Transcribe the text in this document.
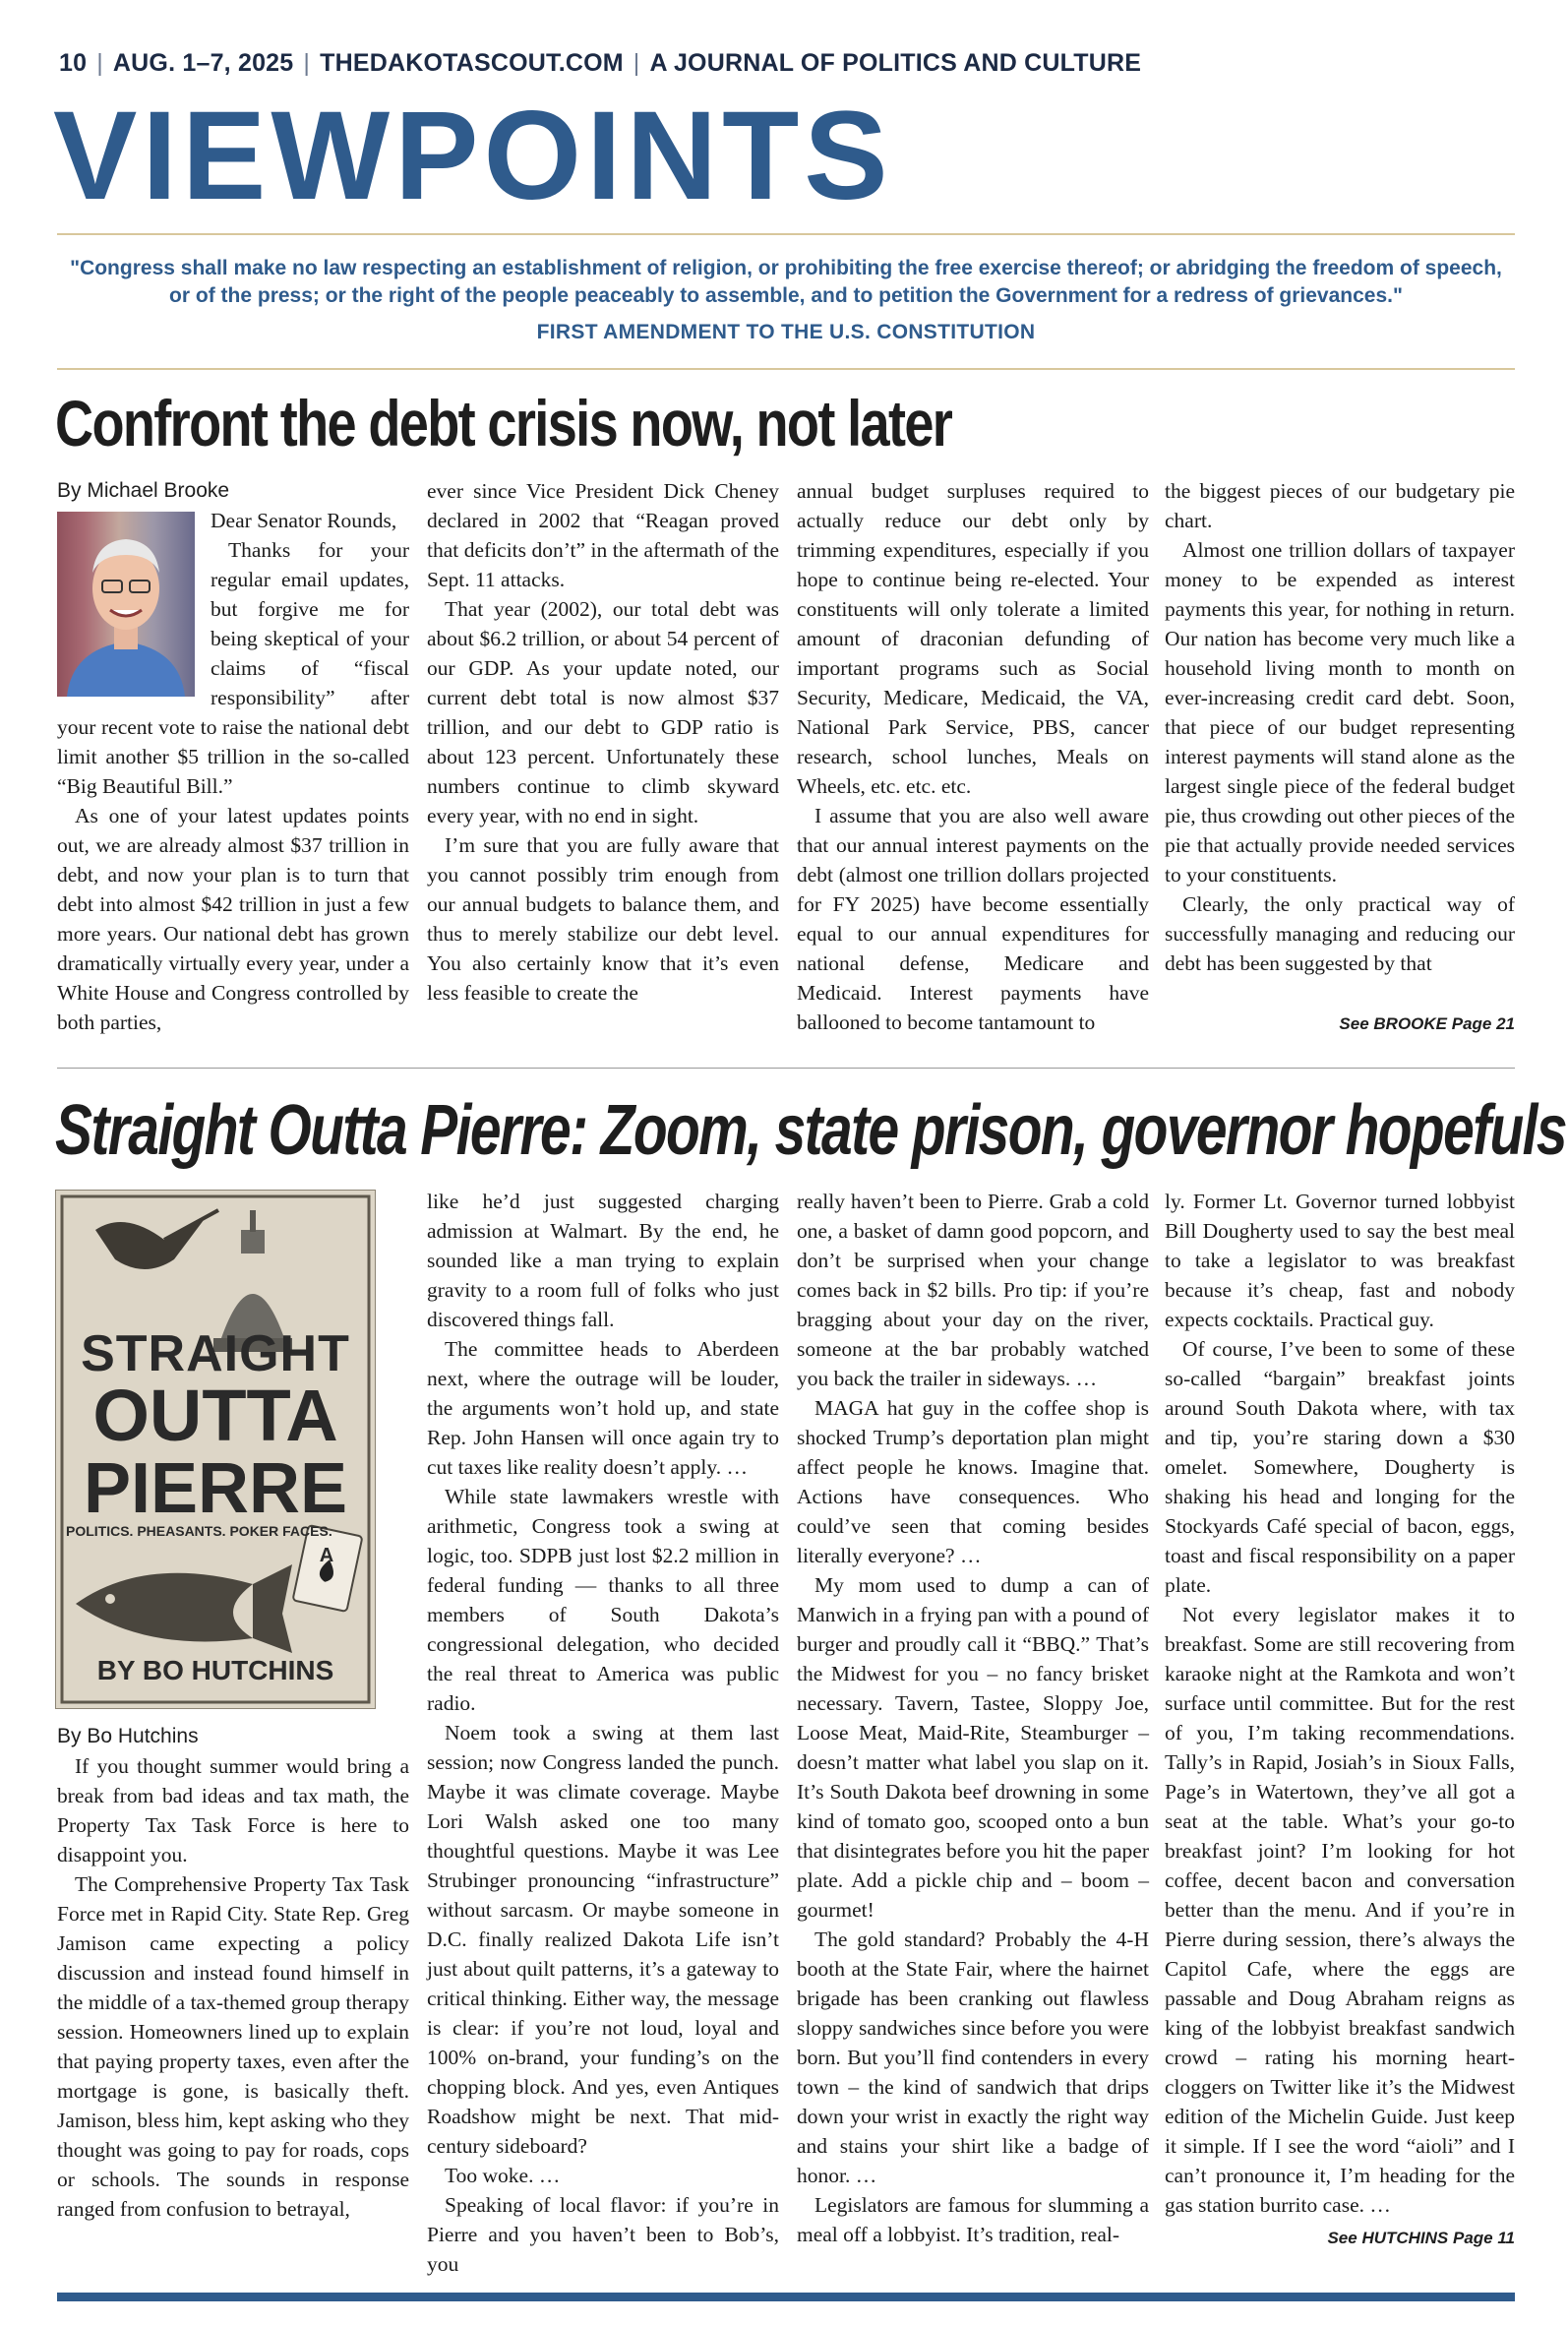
10 | AUG. 1–7, 2025 | THEDAKOTASCOUT.COM | A JOURNAL OF POLITICS AND CULTURE
VIEWPOINTS
"Congress shall make no law respecting an establishment of religion, or prohibiting the free exercise thereof; or abridging the freedom of speech,
or of the press; or the right of the people peaceably to assemble, and to petition the Government for a redress of grievances."
FIRST AMENDMENT TO THE U.S. CONSTITUTION
Confront the debt crisis now, not later
By Michael Brooke

Dear Senator Rounds,

Thanks for your regular email updates, but forgive me for being skeptical of your claims of “fiscal responsibility” after your recent vote to raise the national debt limit another $5 trillion in the so-called “Big Beautiful Bill.”

As one of your latest updates points out, we are already almost $37 trillion in debt, and now your plan is to turn that debt into almost $42 trillion in just a few more years. Our national debt has grown dramatically virtually every year, under a White House and Congress controlled by both parties,

ever since Vice President Dick Cheney declared in 2002 that “Reagan proved that deficits don’t” in the aftermath of the Sept. 11 attacks.

That year (2002), our total debt was about $6.2 trillion, or about 54 percent of our GDP. As your update noted, our current debt total is now almost $37 trillion, and our debt to GDP ratio is about 123 percent. Unfortunately these numbers continue to climb skyward every year, with no end in sight.

I’m sure that you are fully aware that you cannot possibly trim enough from our annual budgets to balance them, and thus to merely stabilize our debt level. You also certainly know that it’s even less feasible to create the

annual budget surpluses required to actually reduce our debt only by trimming expenditures, especially if you hope to continue being re-elected. Your constituents will only tolerate a limited amount of draconian defunding of important programs such as Social Security, Medicare, Medicaid, the VA, National Park Service, PBS, cancer research, school lunches, Meals on Wheels, etc. etc. etc.

I assume that you are also well aware that our annual interest payments on the debt (almost one trillion dollars projected for FY 2025) have become essentially equal to our annual expenditures for national defense, Medicare and Medicaid. Interest payments have ballooned to become tantamount to

the biggest pieces of our budgetary pie chart.

Almost one trillion dollars of taxpayer money to be expended as interest payments this year, for nothing in return. Our nation has become very much like a household living month to month on ever-increasing credit card debt. Soon, that piece of our budget representing interest payments will stand alone as the largest single piece of the federal budget pie, thus crowding out other pieces of the pie that actually provide needed services to your constituents.

Clearly, the only practical way of successfully managing and reducing our debt has been suggested by that

See BROOKE Page 21
Straight Outta Pierre: Zoom, state prison, governor hopefuls
STRAIGHT
OUTTA
PIERRE
POLITICS. PHEASANTS. POKER FACES.
A
BY BO HUTCHINS
By Bo Hutchins

If you thought summer would bring a break from bad ideas and tax math, the Property Tax Task Force is here to disappoint you.

The Comprehensive Property Tax Task Force met in Rapid City. State Rep. Greg Jamison came expecting a policy discussion and instead found himself in the middle of a tax-themed group therapy session. Homeowners lined up to explain that paying property taxes, even after the mortgage is gone, is basically theft. Jamison, bless him, kept asking who they thought was going to pay for roads, cops or schools. The sounds in response ranged from confusion to betrayal,

like he’d just suggested charging admission at Walmart. By the end, he sounded like a man trying to explain gravity to a room full of folks who just discovered things fall.

The committee heads to Aberdeen next, where the outrage will be louder, the arguments won’t hold up, and state Rep. John Hansen will once again try to cut taxes like reality doesn’t apply. …

While state lawmakers wrestle with arithmetic, Congress took a swing at logic, too. SDPB just lost $2.2 million in federal funding — thanks to all three members of South Dakota’s congressional delegation, who decided the real threat to America was public radio.

Noem took a swing at them last session; now Congress landed the punch. Maybe it was climate coverage. Maybe Lori Walsh asked one too many thoughtful questions. Maybe it was Lee Strubinger pronouncing “infrastructure” without sarcasm. Or maybe someone in D.C. finally realized Dakota Life isn’t just about quilt patterns, it’s a gateway to critical thinking. Either way, the message is clear: if you’re not loud, loyal and 100% on-brand, your funding’s on the chopping block. And yes, even Antiques Roadshow might be next. That mid-century sideboard?

Too woke. …

Speaking of local flavor: if you’re in Pierre and you haven’t been to Bob’s, you

really haven’t been to Pierre. Grab a cold one, a basket of damn good popcorn, and don’t be surprised when your change comes back in $2 bills. Pro tip: if you’re bragging about your day on the river, someone at the bar probably watched you back the trailer in sideways. …

MAGA hat guy in the coffee shop is shocked Trump’s deportation plan might affect people he knows. Imagine that. Actions have consequences. Who could’ve seen that coming besides literally everyone? …

My mom used to dump a can of Manwich in a frying pan with a pound of burger and proudly call it “BBQ.” That’s the Midwest for you – no fancy brisket necessary. Tavern, Tastee, Sloppy Joe, Loose Meat, Maid-Rite, Steamburger – doesn’t matter what label you slap on it. It’s South Dakota beef drowning in some kind of tomato goo, scooped onto a bun that disintegrates before you hit the paper plate. Add a pickle chip and – boom – gourmet!

The gold standard? Probably the 4-H booth at the State Fair, where the hairnet brigade has been cranking out flawless sloppy sandwiches since before you were born. But you’ll find contenders in every town – the kind of sandwich that drips down your wrist in exactly the right way and stains your shirt like a badge of honor. …

Legislators are famous for slumming a meal off a lobbyist. It’s tradition, real-

ly. Former Lt. Governor turned lobbyist Bill Dougherty used to say the best meal to take a legislator to was breakfast because it’s cheap, fast and nobody expects cocktails. Practical guy.

Of course, I’ve been to some of these so-called “bargain” breakfast joints around South Dakota where, with tax and tip, you’re staring down a $30 omelet. Somewhere, Dougherty is shaking his head and longing for the Stockyards Café special of bacon, eggs, toast and fiscal responsibility on a paper plate.

Not every legislator makes it to breakfast. Some are still recovering from karaoke night at the Ramkota and won’t surface until committee. But for the rest of you, I’m taking recommendations. Tally’s in Rapid, Josiah’s in Sioux Falls, Page’s in Watertown, they’ve all got a seat at the table. What’s your go-to breakfast joint? I’m looking for hot coffee, decent bacon and conversation better than the menu. And if you’re in Pierre during session, there’s always the Capitol Cafe, where the eggs are passable and Doug Abraham reigns as king of the lobbyist breakfast sandwich crowd – rating his morning heart-cloggers on Twitter like it’s the Midwest edition of the Michelin Guide. Just keep it simple. If I see the word “aioli” and I can’t pronounce it, I’m heading for the gas station burrito case. …

See HUTCHINS Page 11
